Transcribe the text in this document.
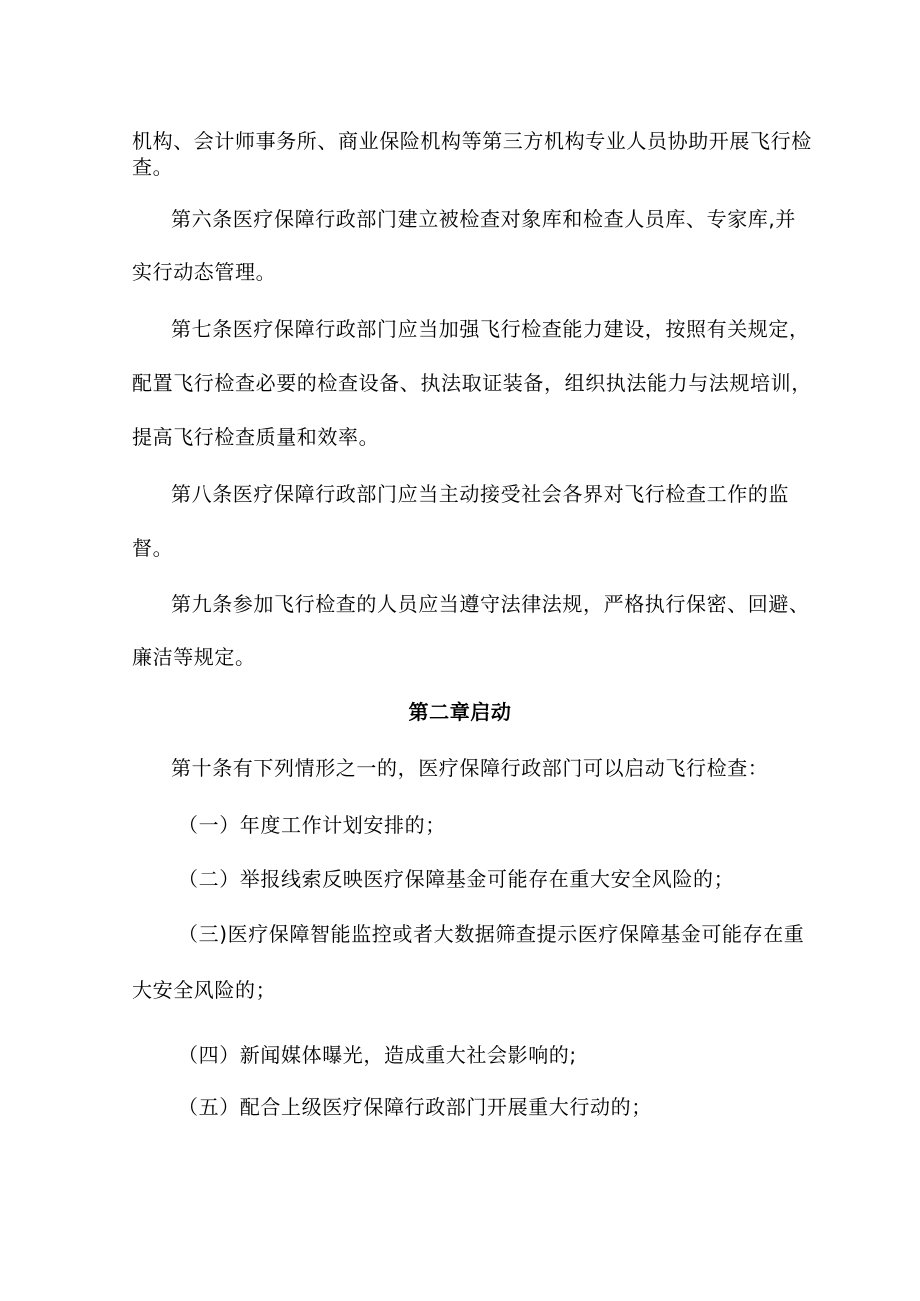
机构、会计师事务所、商业保险机构等第三方机构专业人员协助开展飞行检
查。
第六条医疗保障行政部门建立被检查对象库和检查人员库、专家库,并
实行动态管理。
第七条医疗保障行政部门应当加强飞行检查能力建设，按照有关规定，
配置飞行检查必要的检查设备、执法取证装备，组织执法能力与法规培训，
提高飞行检查质量和效率。
第八条医疗保障行政部门应当主动接受社会各界对飞行检查工作的监
督。
第九条参加飞行检查的人员应当遵守法律法规，严格执行保密、回避、
廉洁等规定。
第二章启动
第十条有下列情形之一的，医疗保障行政部门可以启动飞行检查：
（一）年度工作计划安排的；
（二）举报线索反映医疗保障基金可能存在重大安全风险的；
（三)医疗保障智能监控或者大数据筛查提示医疗保障基金可能存在重
大安全风险的；
（四）新闻媒体曝光，造成重大社会影响的;
（五）配合上级医疗保障行政部门开展重大行动的；
